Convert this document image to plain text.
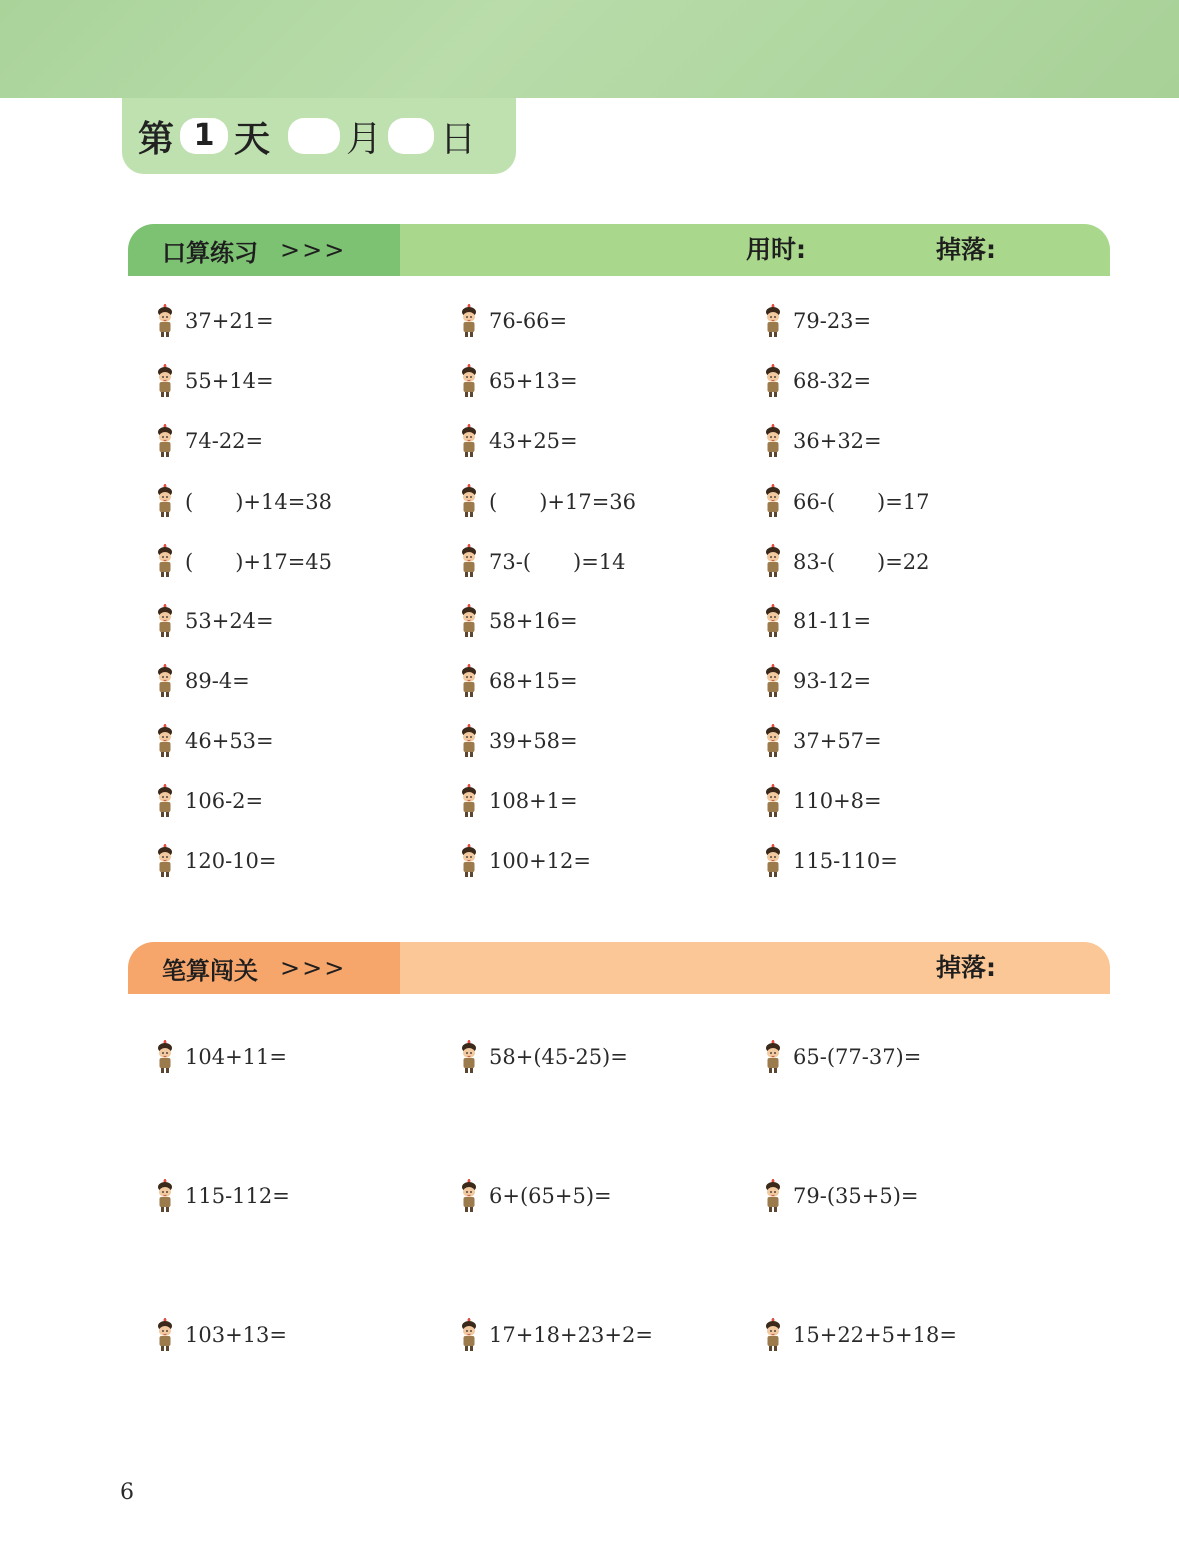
第 1 天 月 日
口算练习 >>>	用时:	掉落:
37+21=	76-66=	79-23=
55+14=	65+13=	68-32=
74-22=	43+25=	36+32=
(　　)+14=38	(　　)+17=36	66-(　　)=17
(　　)+17=45	73-(　　)=14	83-(　　)=22
53+24=	58+16=	81-11=
89-4=	68+15=	93-12=
46+53=	39+58=	37+57=
106-2=	108+1=	110+8=
120-10=	100+12=	115-110=
笔算闯关 >>>	掉落:
104+11=	58+(45-25)=	65-(77-37)=
115-112=	6+(65+5)=	79-(35+5)=
103+13=	17+18+23+2=	15+22+5+18=
6
